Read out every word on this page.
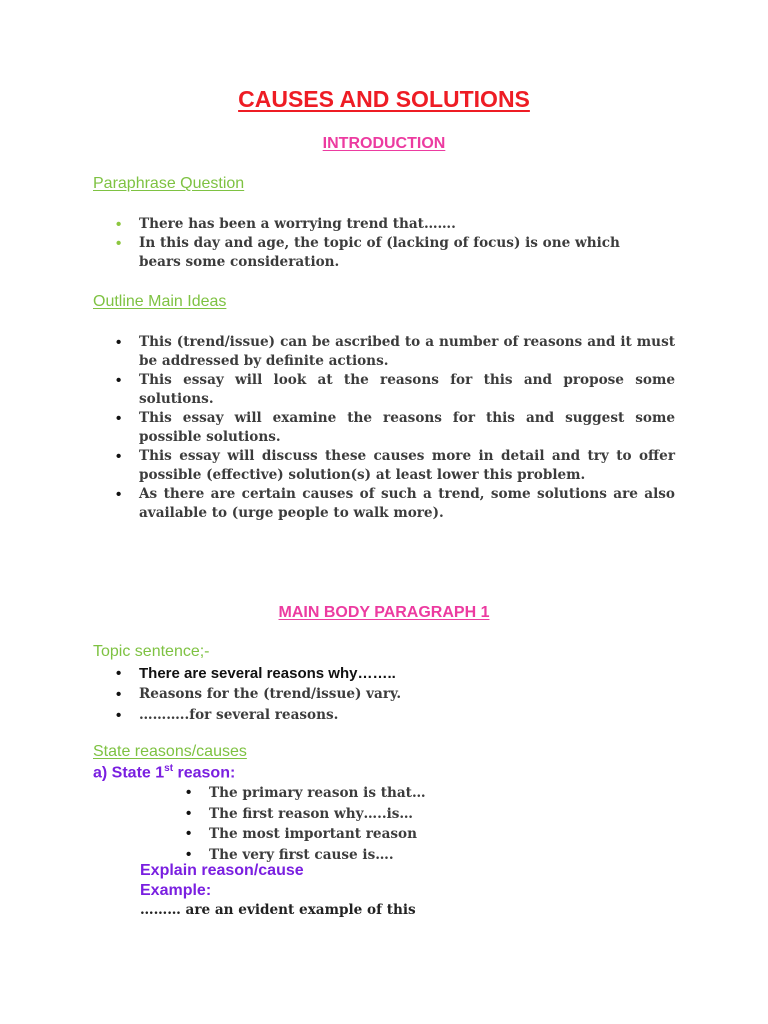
CAUSES AND SOLUTIONS
INTRODUCTION
Paraphrase Question
• There has been a worrying trend that…….
• In this day and age, the topic of (lacking of focus) is one which bears some consideration.
Outline Main Ideas
• This (trend/issue) can be ascribed to a number of reasons and it must be addressed by definite actions.
• This essay will look at the reasons for this and propose some solutions.
• This essay will examine the reasons for this and suggest some possible solutions.
• This essay will discuss these causes more in detail and try to offer possible (effective) solution(s) at least lower this problem.
• As there are certain causes of such a trend, some solutions are also available to (urge people to walk more).
MAIN BODY PARAGRAPH 1
Topic sentence;-
• There are several reasons why……..
• Reasons for the (trend/issue) vary.
• ………..for several reasons.
State reasons/causes
a) State 1st reason:
• The primary reason is that…
• The first reason why…..is…
• The most important reason
• The very first cause is….
Explain reason/cause
Example:
……… are an evident example of this
